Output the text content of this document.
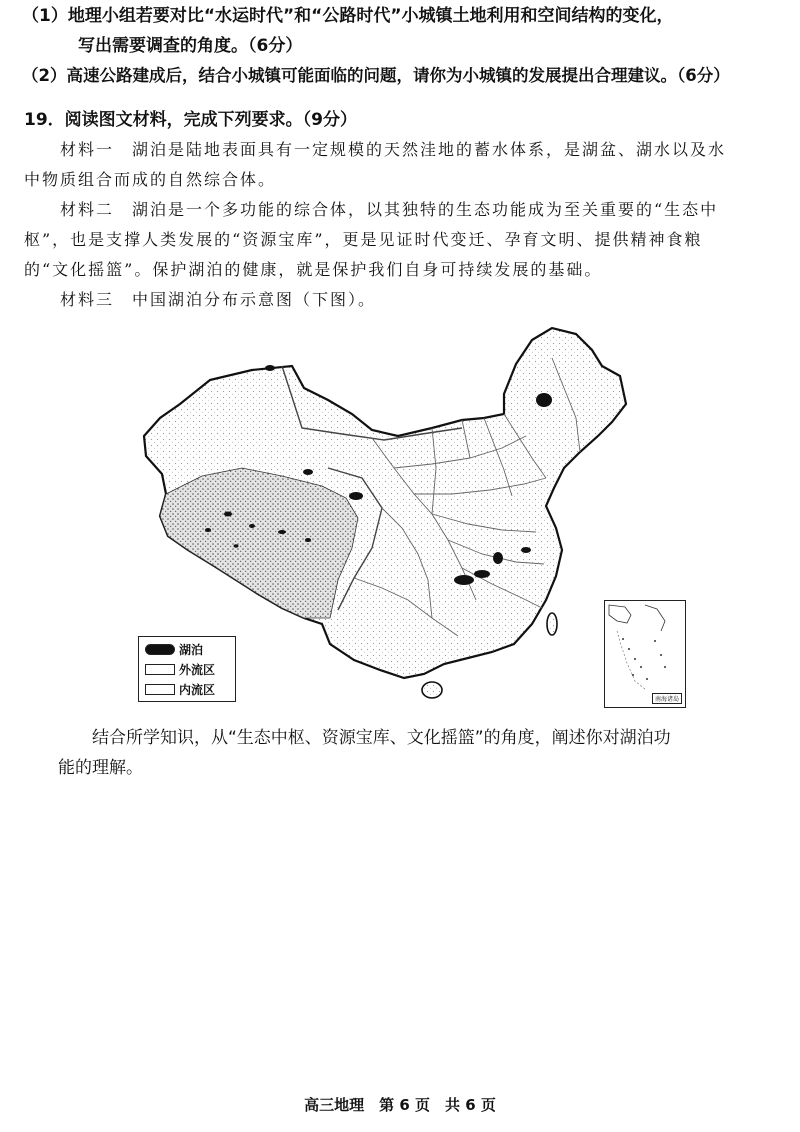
（1）地理小组若要对比“水运时代”和“公路时代”小城镇土地利用和空间结构的变化，
写出需要调查的角度。（6分）
（2）高速公路建成后，结合小城镇可能面临的问题，请你为小城镇的发展提出合理建议。（6分）
19．阅读图文材料，完成下列要求。（9分）
材料一　湖泊是陆地表面具有一定规模的天然洼地的蓄水体系，是湖盆、湖水以及水
中物质组合而成的自然综合体。
材料二　湖泊是一个多功能的综合体，以其独特的生态功能成为至关重要的“生态中
枢”，也是支撑人类发展的“资源宝库”，更是见证时代变迁、孕育文明、提供精神食粮
的“文化摇篮”。保护湖泊的健康，就是保护我们自身可持续发展的基础。
材料三　中国湖泊分布示意图（下图）。
湖泊
外流区
内流区
南海诸岛
结合所学知识，从“生态中枢、资源宝库、文化摇篮”的角度，阐述你对湖泊功
能的理解。
高三地理　第 6 页　共 6 页
